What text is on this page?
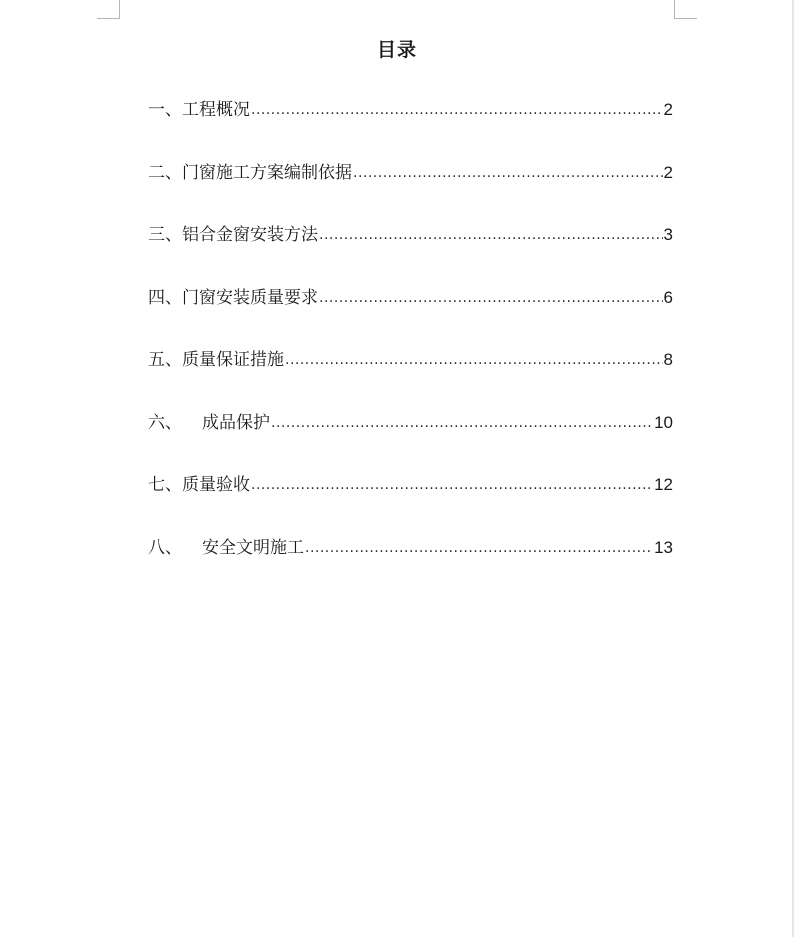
目录
一、 工程概况 .....	2
二、 门窗施工方案编制依据 .....	2
三、 铝合金窗安装方法 .....	3
四、 门窗安装质量要求 .....	6
五、 质量保证措施 .....	8
六、 成品保护 .....	10
七、 质量验收 .....	12
八、 安全文明施工 .....	13
